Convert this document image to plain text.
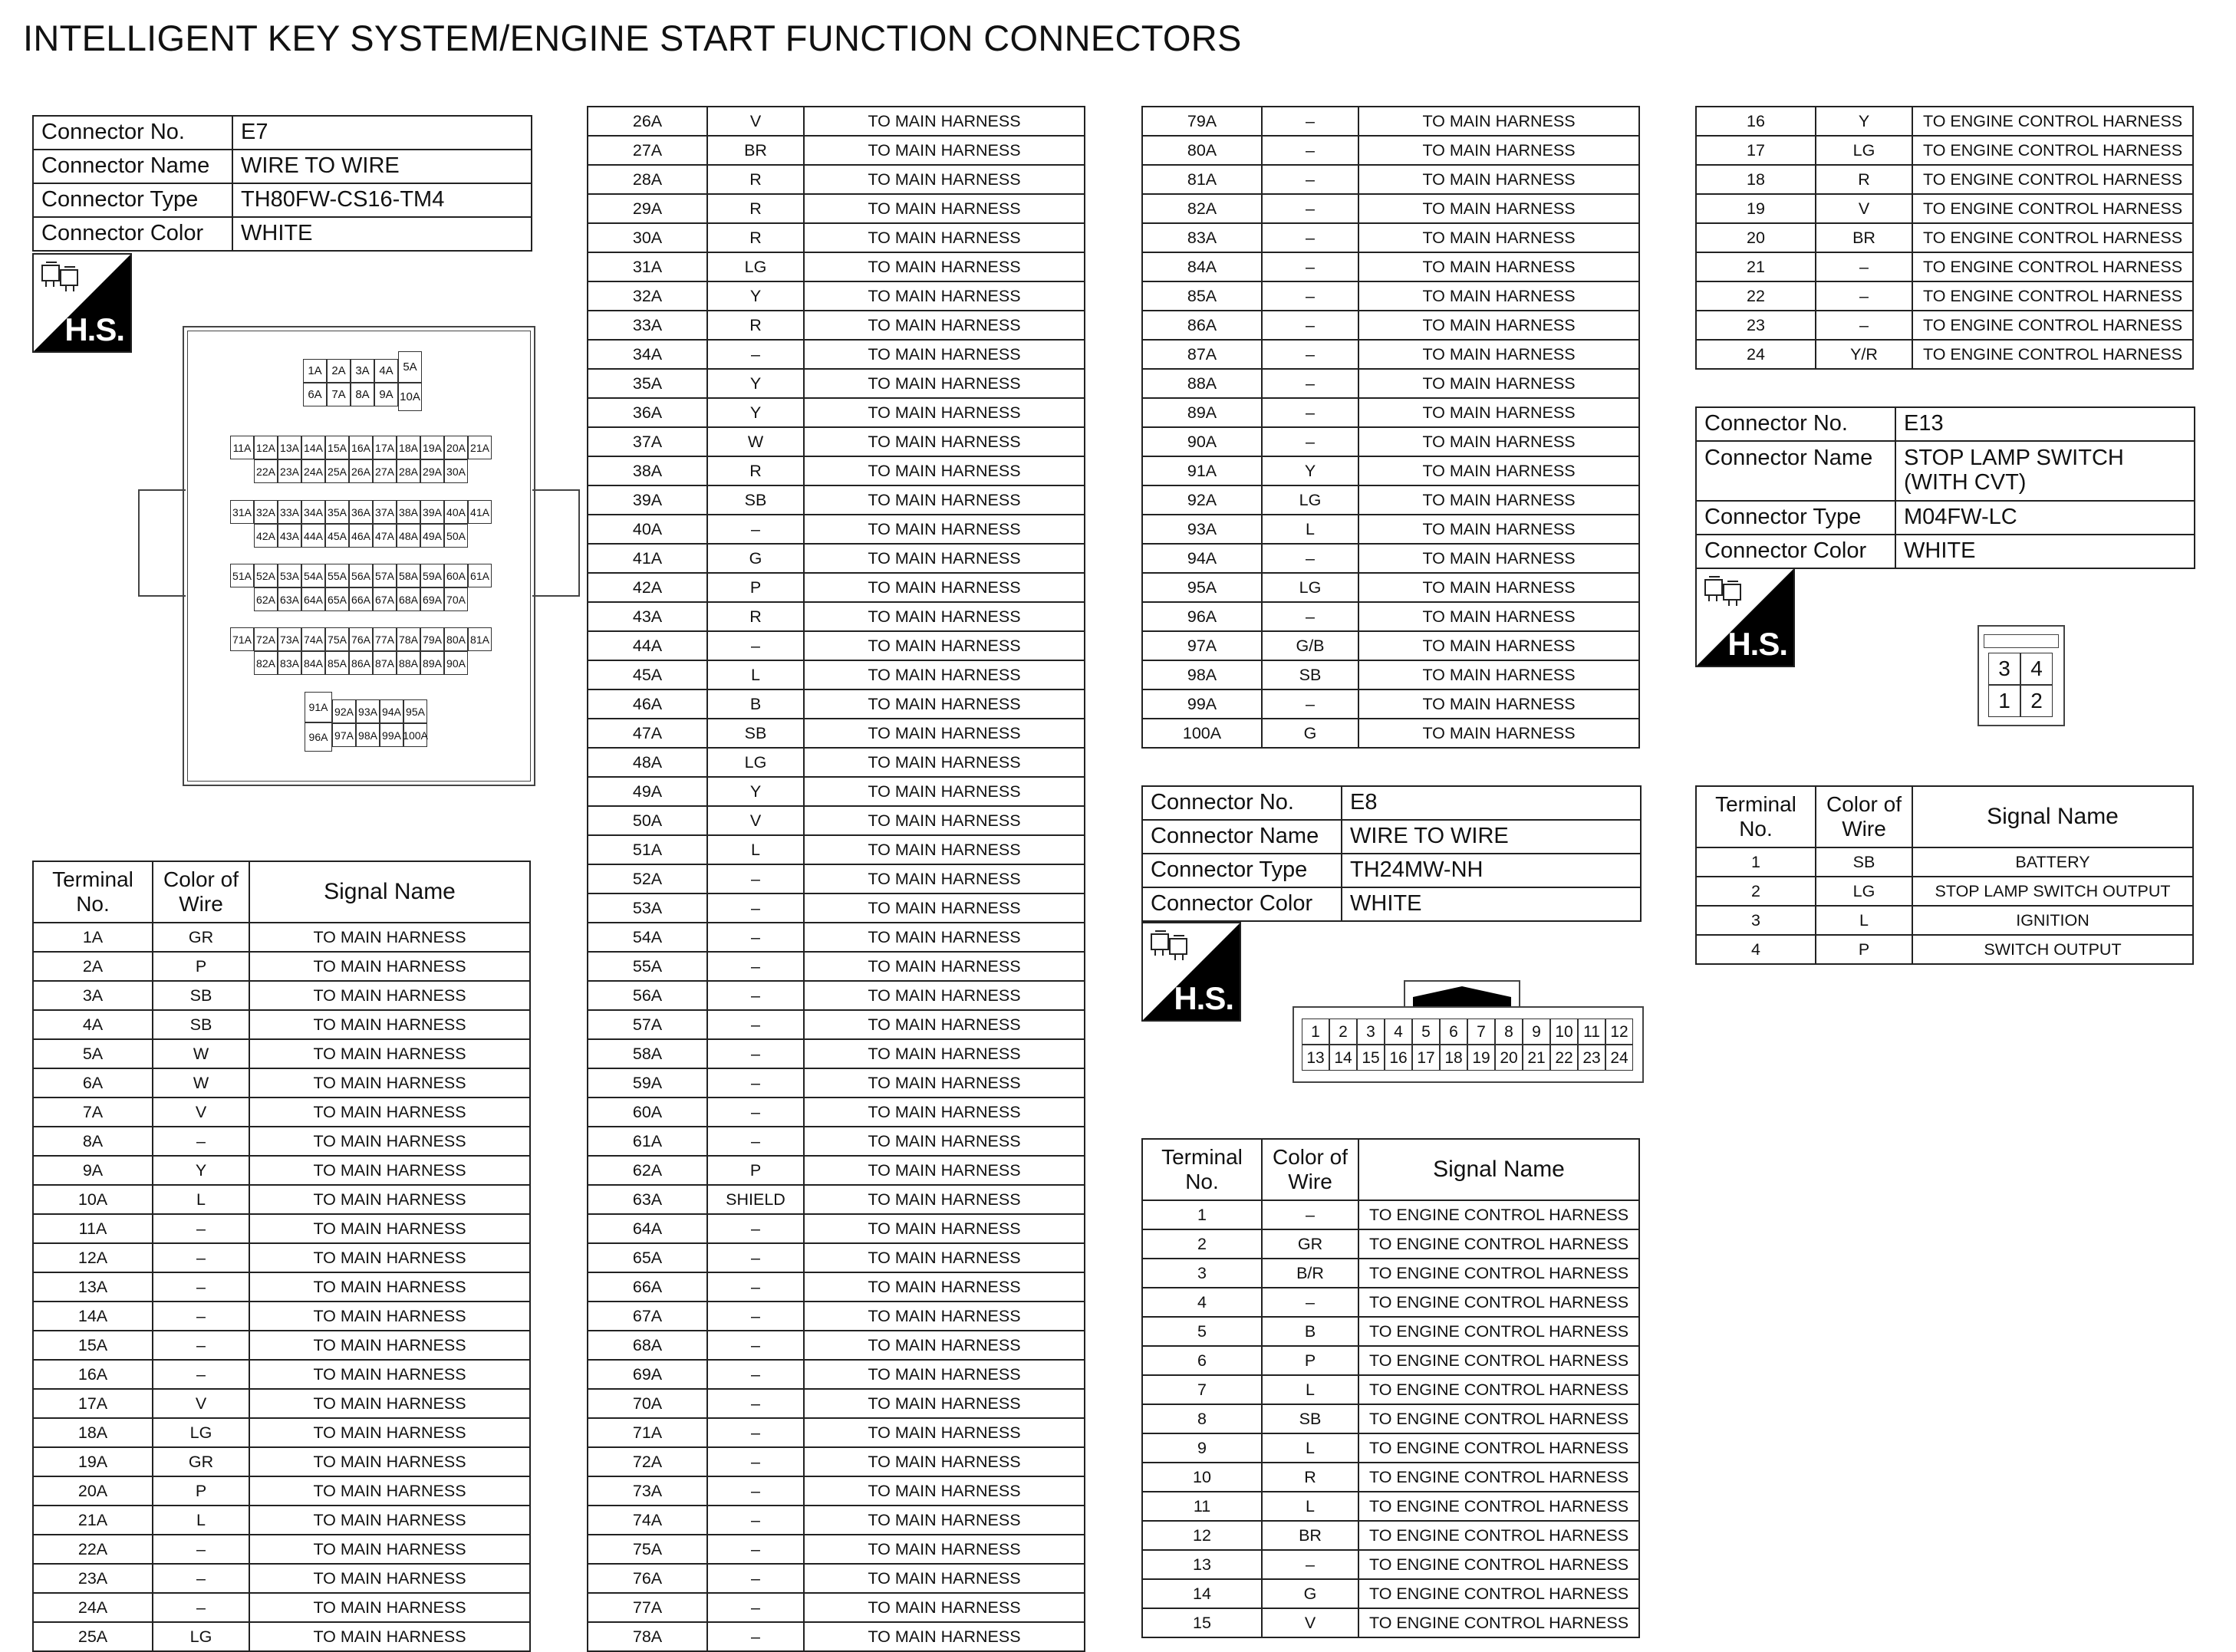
INTELLIGENT KEY SYSTEM/ENGINE START FUNCTION CONNECTORS
Connector No.	E7
Connector Name	WIRE TO WIRE
Connector Type	TH80FW-CS16-TM4
Connector Color	WHITE
H.S.
1A 2A 3A 4A 5A
6A 7A 8A 9A 10A
11A 12A 13A 14A 15A 16A 17A 18A 19A 20A 21A
22A 23A 24A 25A 26A 27A 28A 29A 30A
31A 32A 33A 34A 35A 36A 37A 38A 39A 40A 41A
42A 43A 44A 45A 46A 47A 48A 49A 50A
51A 52A 53A 54A 55A 56A 57A 58A 59A 60A 61A
62A 63A 64A 65A 66A 67A 68A 69A 70A
71A 72A 73A 74A 75A 76A 77A 78A 79A 80A 81A
82A 83A 84A 85A 86A 87A 88A 89A 90A
91A
96A
92A 93A 94A 95A
97A 98A 99A 100A
Terminal No.	Color of Wire	Signal Name
1A	GR	TO MAIN HARNESS
2A	P	TO MAIN HARNESS
3A	SB	TO MAIN HARNESS
4A	SB	TO MAIN HARNESS
5A	W	TO MAIN HARNESS
6A	W	TO MAIN HARNESS
7A	V	TO MAIN HARNESS
8A	–	TO MAIN HARNESS
9A	Y	TO MAIN HARNESS
10A	L	TO MAIN HARNESS
11A	–	TO MAIN HARNESS
12A	–	TO MAIN HARNESS
13A	–	TO MAIN HARNESS
14A	–	TO MAIN HARNESS
15A	–	TO MAIN HARNESS
16A	–	TO MAIN HARNESS
17A	V	TO MAIN HARNESS
18A	LG	TO MAIN HARNESS
19A	GR	TO MAIN HARNESS
20A	P	TO MAIN HARNESS
21A	L	TO MAIN HARNESS
22A	–	TO MAIN HARNESS
23A	–	TO MAIN HARNESS
24A	–	TO MAIN HARNESS
25A	LG	TO MAIN HARNESS
26A	V	TO MAIN HARNESS
27A	BR	TO MAIN HARNESS
28A	R	TO MAIN HARNESS
29A	R	TO MAIN HARNESS
30A	R	TO MAIN HARNESS
31A	LG	TO MAIN HARNESS
32A	Y	TO MAIN HARNESS
33A	R	TO MAIN HARNESS
34A	–	TO MAIN HARNESS
35A	Y	TO MAIN HARNESS
36A	Y	TO MAIN HARNESS
37A	W	TO MAIN HARNESS
38A	R	TO MAIN HARNESS
39A	SB	TO MAIN HARNESS
40A	–	TO MAIN HARNESS
41A	G	TO MAIN HARNESS
42A	P	TO MAIN HARNESS
43A	R	TO MAIN HARNESS
44A	–	TO MAIN HARNESS
45A	L	TO MAIN HARNESS
46A	B	TO MAIN HARNESS
47A	SB	TO MAIN HARNESS
48A	LG	TO MAIN HARNESS
49A	Y	TO MAIN HARNESS
50A	V	TO MAIN HARNESS
51A	L	TO MAIN HARNESS
52A	–	TO MAIN HARNESS
53A	–	TO MAIN HARNESS
54A	–	TO MAIN HARNESS
55A	–	TO MAIN HARNESS
56A	–	TO MAIN HARNESS
57A	–	TO MAIN HARNESS
58A	–	TO MAIN HARNESS
59A	–	TO MAIN HARNESS
60A	–	TO MAIN HARNESS
61A	–	TO MAIN HARNESS
62A	P	TO MAIN HARNESS
63A	SHIELD	TO MAIN HARNESS
64A	–	TO MAIN HARNESS
65A	–	TO MAIN HARNESS
66A	–	TO MAIN HARNESS
67A	–	TO MAIN HARNESS
68A	–	TO MAIN HARNESS
69A	–	TO MAIN HARNESS
70A	–	TO MAIN HARNESS
71A	–	TO MAIN HARNESS
72A	–	TO MAIN HARNESS
73A	–	TO MAIN HARNESS
74A	–	TO MAIN HARNESS
75A	–	TO MAIN HARNESS
76A	–	TO MAIN HARNESS
77A	–	TO MAIN HARNESS
78A	–	TO MAIN HARNESS
79A	–	TO MAIN HARNESS
80A	–	TO MAIN HARNESS
81A	–	TO MAIN HARNESS
82A	–	TO MAIN HARNESS
83A	–	TO MAIN HARNESS
84A	–	TO MAIN HARNESS
85A	–	TO MAIN HARNESS
86A	–	TO MAIN HARNESS
87A	–	TO MAIN HARNESS
88A	–	TO MAIN HARNESS
89A	–	TO MAIN HARNESS
90A	–	TO MAIN HARNESS
91A	Y	TO MAIN HARNESS
92A	LG	TO MAIN HARNESS
93A	L	TO MAIN HARNESS
94A	–	TO MAIN HARNESS
95A	LG	TO MAIN HARNESS
96A	–	TO MAIN HARNESS
97A	G/B	TO MAIN HARNESS
98A	SB	TO MAIN HARNESS
99A	–	TO MAIN HARNESS
100A	G	TO MAIN HARNESS
Connector No.	E8
Connector Name	WIRE TO WIRE
Connector Type	TH24MW-NH
Connector Color	WHITE
H.S.
1	2	3	4	5	6	7	8	9 10 11 12
13 14 15 16 17 18 19 20 21 22 23 24
Terminal No.	Color of Wire	Signal Name
1	–	TO ENGINE CONTROL HARNESS
2	GR	TO ENGINE CONTROL HARNESS
3	B/R	TO ENGINE CONTROL HARNESS
4	–	TO ENGINE CONTROL HARNESS
5	B	TO ENGINE CONTROL HARNESS
6	P	TO ENGINE CONTROL HARNESS
7	L	TO ENGINE CONTROL HARNESS
8	SB	TO ENGINE CONTROL HARNESS
9	L	TO ENGINE CONTROL HARNESS
10	R	TO ENGINE CONTROL HARNESS
11	L	TO ENGINE CONTROL HARNESS
12	BR	TO ENGINE CONTROL HARNESS
13	–	TO ENGINE CONTROL HARNESS
14	G	TO ENGINE CONTROL HARNESS
15	V	TO ENGINE CONTROL HARNESS
16	Y	TO ENGINE CONTROL HARNESS
17	LG	TO ENGINE CONTROL HARNESS
18	R	TO ENGINE CONTROL HARNESS
19	V	TO ENGINE CONTROL HARNESS
20	BR	TO ENGINE CONTROL HARNESS
21	–	TO ENGINE CONTROL HARNESS
22	–	TO ENGINE CONTROL HARNESS
23	–	TO ENGINE CONTROL HARNESS
24	Y/R	TO ENGINE CONTROL HARNESS
Connector No.	E13
Connector Name	STOP LAMP SWITCH (WITH CVT)
Connector Type	M04FW-LC
Connector Color	WHITE
H.S.
3 4
1 2
Terminal No.	Color of Wire	Signal Name
1	SB	BATTERY
2	LG	STOP LAMP SWITCH OUTPUT
3	L	IGNITION
4	P	SWITCH OUTPUT
